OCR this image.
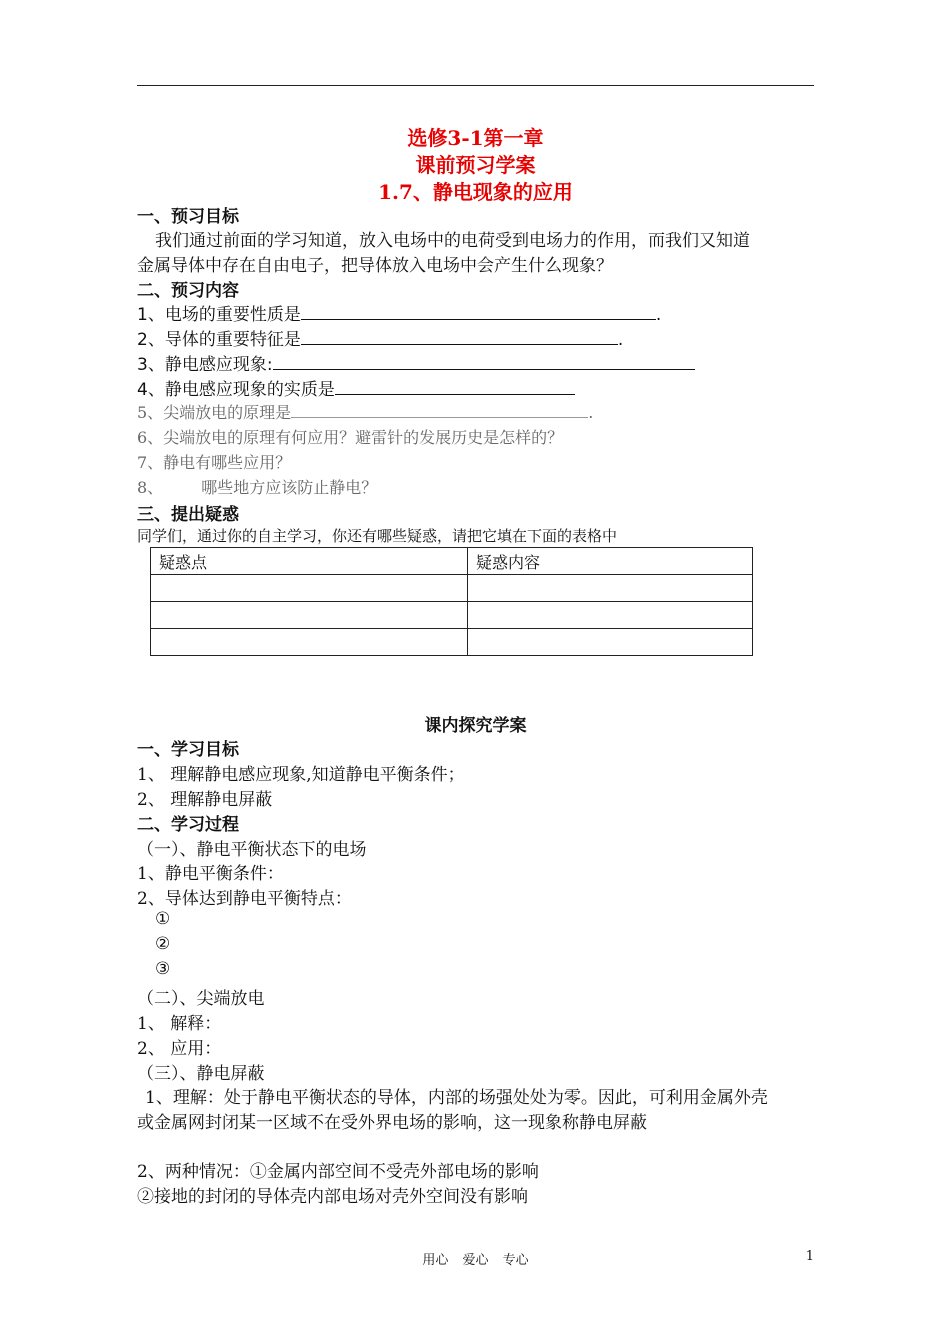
选修3-1第一章
课前预习学案
1.7、静电现象的应用
一、预习目标
我们通过前面的学习知道，放入电场中的电荷受到电场力的作用，而我们又知道
金属导体中存在自由电子，把导体放入电场中会产生什么现象？
二、预习内容
1、电场的重要性质是	.
2、导体的重要特征是	.
3、静电感应现象:
4、静电感应现象的实质是
5、尖端放电的原理是	.
6、尖端放电的原理有何应用？避雷针的发展历史是怎样的？
7、静电有哪些应用？
8、 哪些地方应该防止静电？
三、提出疑惑
同学们，通过你的自主学习，你还有哪些疑惑，请把它填在下面的表格中
疑惑点	疑惑内容

课内探究学案
一、学习目标
1、 理解静电感应现象,知道静电平衡条件；
2、 理解静电屏蔽
二、学习过程
（一）、静电平衡状态下的电场
1、静电平衡条件：
2、导体达到静电平衡特点：
①
②
③
（二）、尖端放电
1、 解释：
2、 应用：
（三）、静电屏蔽
1、理解：处于静电平衡状态的导体，内部的场强处处为零。因此，可利用金属外壳
或金属网封闭某一区域不在受外界电场的影响，这一现象称静电屏蔽
2、两种情况：①金属内部空间不受壳外部电场的影响
②接地的封闭的导体壳内部电场对壳外空间没有影响
用心 爱心 专心	1
